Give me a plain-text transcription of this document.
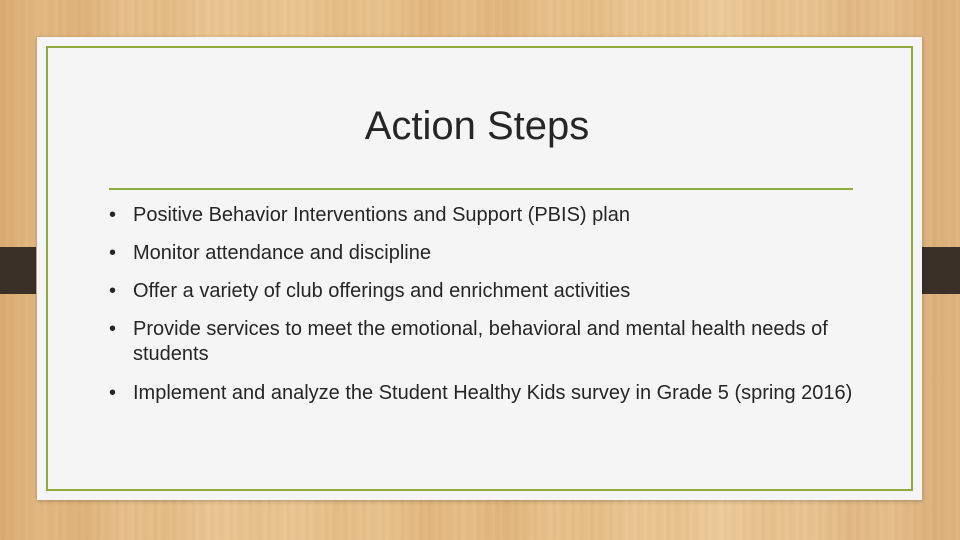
Action Steps
• Positive Behavior Interventions and Support (PBIS) plan
• Monitor attendance and discipline
• Offer a variety of club offerings and enrichment activities
• Provide services to meet the emotional, behavioral and mental health needs of students
• Implement and analyze the Student Healthy Kids survey in Grade 5 (spring 2016)
